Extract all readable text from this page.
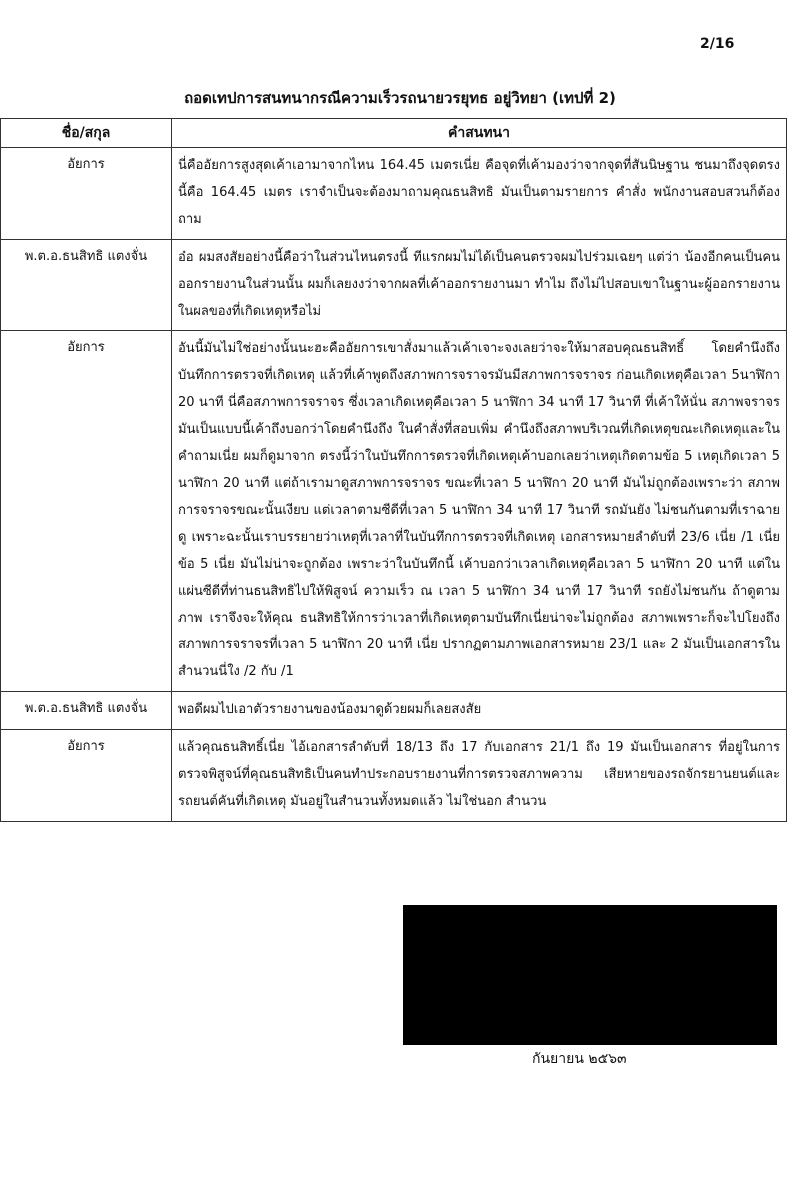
2/16
ถอดเทปการสนทนากรณีความเร็วรถนายวรยุทธ อยู่วิทยา (เทปที่ 2)
ชื่อ/สกุล	คำสนทนา
อัยการ	นี่คืออัยการสูงสุดเค้าเอามาจากไหน 164.45 เมตรเนี่ย คือจุดที่เค้ามองว่าจากจุดที่สันนิษฐาน ชนมาถึงจุดตรงนี้คือ 164.45 เมตร เราจำเป็นจะต้องมาถามคุณธนสิทธิ มันเป็นตามรายการ คำสั่ง พนักงานสอบสวนก็ต้องถาม
พ.ต.อ.ธนสิทธิ แตงจั่น	อ๋อ ผมสงสัยอย่างนี้คือว่าในส่วนไหนตรงนี้ ทีแรกผมไม่ได้เป็นคนตรวจผมไปร่วมเฉยๆ แต่ว่า น้องอีกคนเป็นคนออกรายงานในส่วนนั้น ผมก็เลยงงว่าจากผลที่เค้าออกรายงานมา ทำไม ถึงไม่ไปสอบเขาในฐานะผู้ออกรายงานในผลของที่เกิดเหตุหรือไม่
อัยการ	อันนี้มันไม่ใช่อย่างนั้นนะฮะคืออัยการเขาสั่งมาแล้วเค้าเจาะจงเลยว่าจะให้มาสอบคุณธนสิทธิ์ โดยคำนึงถึงบันทึกการตรวจที่เกิดเหตุ แล้วที่เค้าพูดถึงสภาพการจราจรมันมีสภาพการจราจร ก่อนเกิดเหตุคือเวลา 5นาฬิกา 20 นาที นี่คือสภาพการจราจร ซึ่งเวลาเกิดเหตุคือเวลา 5 นาฬิกา 34 นาที 17 วินาที ที่เค้าให้นั่น สภาพจราจรมันเป็นแบบนี้เค้าถึงบอกว่าโดยคำนึงถึง ในคำสั่งที่สอบเพิ่ม คำนึงถึงสภาพบริเวณที่เกิดเหตุขณะเกิดเหตุและในคำถามเนี่ย ผมก็ดูมาจาก ตรงนี้ว่าในบันทึกการตรวจที่เกิดเหตุเค้าบอกเลยว่าเหตุเกิดตามข้อ 5 เหตุเกิดเวลา 5 นาฬิกา 20 นาที แต่ถ้าเรามาดูสภาพการจราจร ขณะที่เวลา 5 นาฬิกา 20 นาที มันไม่ถูกต้องเพราะว่า สภาพการจราจรขณะนั้นเงียบ แต่เวลาตามซีดีที่เวลา 5 นาฬิกา 34 นาที 17 วินาที รถมันยัง ไม่ชนกันตามที่เราฉายดู เพราะฉะนั้นเราบรรยายว่าเหตุที่เวลาที่ในบันทึกการตรวจที่เกิดเหตุ เอกสารหมายลำดับที่ 23/6 เนี่ย /1 เนี่ย ข้อ 5 เนี่ย มันไม่น่าจะถูกต้อง เพราะว่าในบันทึกนี้ เค้าบอกว่าเวลาเกิดเหตุคือเวลา 5 นาฬิกา 20 นาที แต่ในแผ่นซีดีที่ท่านธนสิทธิไปให้พิสูจน์ ความเร็ว ณ เวลา 5 นาฬิกา 34 นาที 17 วินาที รถยังไม่ชนกัน ถ้าดูตามภาพ เราจึงจะให้คุณ ธนสิทธิให้การว่าเวลาที่เกิดเหตุตามบันทึกเนี่ยน่าจะไม่ถูกต้อง สภาพเพราะก็จะไปโยงถึง สภาพการจราจรที่เวลา 5 นาฬิกา 20 นาที เนี่ย ปรากฏตามภาพเอกสารหมาย 23/1 และ 2 มันเป็นเอกสารในสำนวนนี่ใง /2 กับ /1
พ.ต.อ.ธนสิทธิ แตงจั่น	พอดีผมไปเอาตัวรายงานของน้องมาดูด้วยผมก็เลยสงสัย
อัยการ	แล้วคุณธนสิทธิ์เนี่ย ไอ้เอกสารลำดับที่ 18/13 ถึง 17 กับเอกสาร 21/1 ถึง 19 มันเป็นเอกสาร ที่อยู่ในการตรวจพิสูจน์ที่คุณธนสิทธิเป็นคนทำประกอบรายงานที่การตรวจสภาพความ เสียหายของรถจักรยานยนต์และรถยนต์คันที่เกิดเหตุ มันอยู่ในสำนวนทั้งหมดแล้ว ไม่ใช่นอก สำนวน
กันยายน ๒๕๖๓
